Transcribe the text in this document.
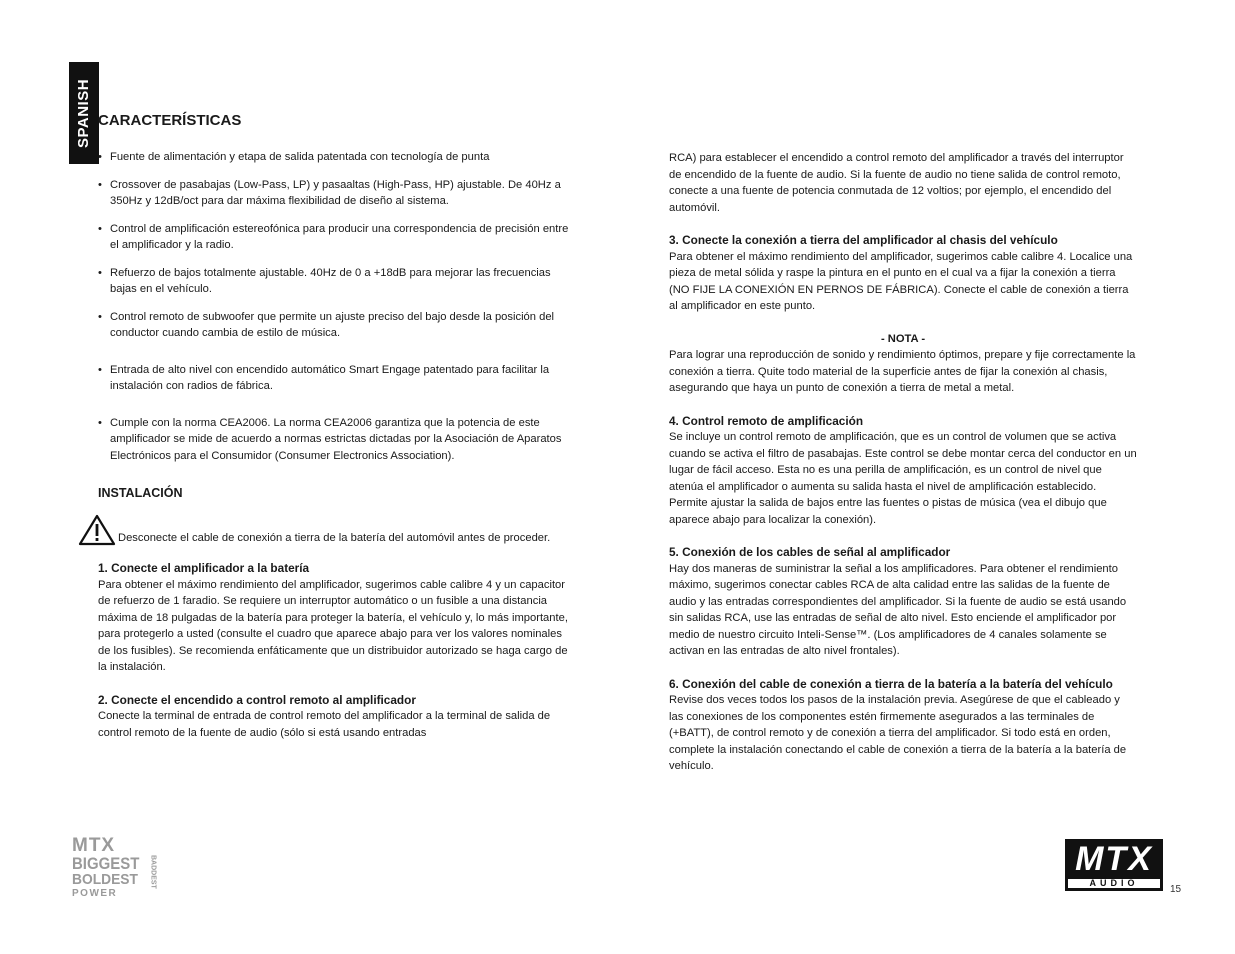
SPANISH CARACTERÍSTICAS
• Fuente de alimentación y etapa de salida patentada con tecnología de punta
• Crossover de pasabajas (Low-Pass, LP) y pasaaltas (High-Pass, HP) ajustable. De 40Hz a 350Hz y 12dB/oct para dar máxima flexibilidad de diseño al sistema.
• Control de amplificación estereofónica para producir una correspondencia de precisión entre el amplificador y la radio.
• Refuerzo de bajos totalmente ajustable. 40Hz de 0 a +18dB para mejorar las frecuencias bajas en el vehículo.
• Control remoto de subwoofer que permite un ajuste preciso del bajo desde la posición del conductor cuando cambia de estilo de música.
• Entrada de alto nivel con encendido automático Smart Engage patentado para facilitar la instalación con radios de fábrica.
• Cumple con la norma CEA2006. La norma CEA2006 garantiza que la potencia de este amplificador se mide de acuerdo a normas estrictas dictadas por la Asociación de Aparatos Electrónicos para el Consumidor (Consumer Electronics Association).
INSTALACIÓN
Desconecte el cable de conexión a tierra de la batería del automóvil antes de proceder.
1. Conecte el amplificador a la batería

Para obtener el máximo rendimiento del amplificador, sugerimos cable calibre 4 y un capacitor de refuerzo de 1 faradio. Se requiere un interruptor automático o un fusible a una distancia máxima de 18 pulgadas de la batería para proteger la batería, el vehículo y, lo más importante, para protegerlo a usted (consulte el cuadro que aparece abajo para ver los valores nominales de los fusibles). Se recomienda enfáticamente que un distribuidor autorizado se haga cargo de la instalación.

2. Conecte el encendido a control remoto al amplificador

Conecte la terminal de entrada de control remoto del amplificador a la terminal de salida de control remoto de la fuente de audio (sólo si está usando entradas

RCA) para establecer el encendido a control remoto del amplificador a través del interruptor de encendido de la fuente de audio. Si la fuente de audio no tiene salida de control remoto, conecte a una fuente de potencia conmutada de 12 voltios; por ejemplo, el encendido del automóvil.

3. Conecte la conexión a tierra del amplificador al chasis del vehículo

Para obtener el máximo rendimiento del amplificador, sugerimos cable calibre 4. Localice una pieza de metal sólida y raspe la pintura en el punto en el cual va a fijar la conexión a tierra (NO FIJE LA CONEXIÓN EN PERNOS DE FÁBRICA). Conecte el cable de conexión a tierra al amplificador en este punto.

- NOTA -

Para lograr una reproducción de sonido y rendimiento óptimos, prepare y fije correctamente la conexión a tierra. Quite todo material de la superficie antes de fijar la conexión al chasis, asegurando que haya un punto de conexión a tierra de metal a metal.

4. Control remoto de amplificación

Se incluye un control remoto de amplificación, que es un control de volumen que se activa cuando se activa el filtro de pasabajas. Este control se debe montar cerca del conductor en un lugar de fácil acceso. Esta no es una perilla de amplificación, es un control de nivel que atenúa el amplificador o aumenta su salida hasta el nivel de amplificación establecido. Permite ajustar la salida de bajos entre las fuentes o pistas de música (vea el dibujo que aparece abajo para localizar la conexión).

5. Conexión de los cables de señal al amplificador

Hay dos maneras de suministrar la señal a los amplificadores. Para obtener el rendimiento máximo, sugerimos conectar cables RCA de alta calidad entre las salidas de la fuente de audio y las entradas correspondientes del amplificador. Si la fuente de audio se está usando sin salidas RCA, use las entradas de señal de alto nivel. Esto enciende el amplificador por medio de nuestro circuito Inteli-Sense™. (Los amplificadores de 4 canales solamente se activan en las entradas de alto nivel frontales).

6. Conexión del cable de conexión a tierra de la batería a la batería del vehículo

Revise dos veces todos los pasos de la instalación previa. Asegúrese de que el cableado y las conexiones de los componentes estén firmemente asegurados a las terminales de (+BATT), de control remoto y de conexión a tierra del amplificador. Si todo está en orden, complete la instalación conectando el cable de conexión a tierra de la batería a la batería de vehículo.

MTX
BIGGEST
BOLDEST	BADDEST
POWER
MTX
AUDIO
15
